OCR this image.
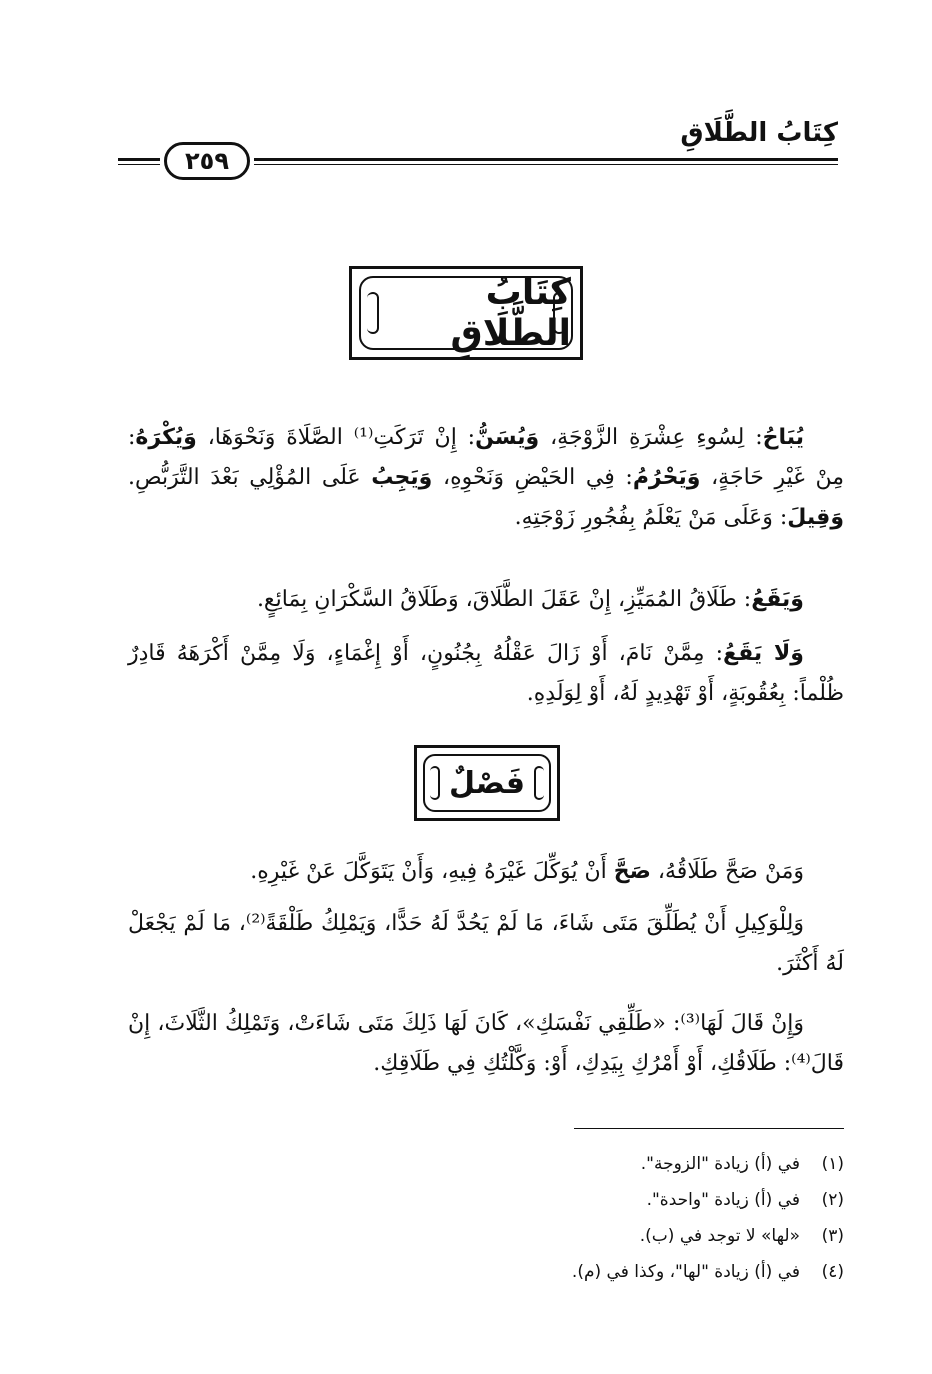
كِتَابُ الطَّلَاقِ
٢٥٩
كِتَابُ الطَّلَاقِ

يُبَاحُ: لِسُوءِ عِشْرَةِ الزَّوْجَةِ، وَيُسَنُّ: إِنْ تَرَكَتِ⁽¹⁾ الصَّلَاةَ وَنَحْوَهَا، وَيُكْرَهُ: مِنْ غَيْرِ حَاجَةٍ، وَيَحْرُمُ: فِي الحَيْضِ وَنَحْوِهِ، وَيَجِبُ عَلَى المُؤْلِي بَعْدَ التَّرَبُّصِ. وَقِيلَ: وَعَلَى مَنْ يَعْلَمُ بِفُجُورِ زَوْجَتِهِ.

وَيَقَعُ: طَلَاقُ المُمَيِّزِ، إِنْ عَقَلَ الطَّلَاقَ، وَطَلَاقُ السَّكْرَانِ بِمَائِعٍ.

وَلَا يَقَعُ: مِمَّنْ نَامَ، أَوْ زَالَ عَقْلُهُ بِجُنُونٍ، أَوْ إِغْمَاءٍ، وَلَا مِمَّنْ أَكْرَهَهُ قَادِرٌ ظُلْماً: بِعُقُوبَةٍ، أَوْ تَهْدِيدٍ لَهُ، أَوْ لِوَلَدِهِ.

فَصْلٌ

وَمَنْ صَحَّ طَلَاقُهُ، صَحَّ أَنْ يُوَكِّلَ غَيْرَهُ فِيهِ، وَأَنْ يَتَوَكَّلَ عَنْ غَيْرِهِ.

وَلِلْوَكِيلِ أَنْ يُطَلِّقَ مَتَى شَاءَ، مَا لَمْ يَحُدَّ لَهُ حَدًّا، وَيَمْلِكُ طَلْقَةً⁽²⁾، مَا لَمْ يَجْعَلْ لَهُ أَكْثَرَ.

وَإِنْ قَالَ لَهَا⁽³⁾: «طَلِّقِي نَفْسَكِ»، كَانَ لَهَا ذَلِكَ مَتَى شَاءَتْ، وَتَمْلِكُ الثَّلَاثَ، إِنْ قَالَ⁽⁴⁾: طَلَاقُكِ، أَوْ أَمْرُكِ بِيَدِكِ، أَوْ: وَكَّلْتُكِ فِي طَلَاقِكِ.

(١)في (أ) زيادة "الزوجة".
(٢)في (أ) زيادة "واحدة".
(٣)«لها» لا توجد في (ب).
(٤)في (أ) زيادة "لها"، وكذا في (م).
